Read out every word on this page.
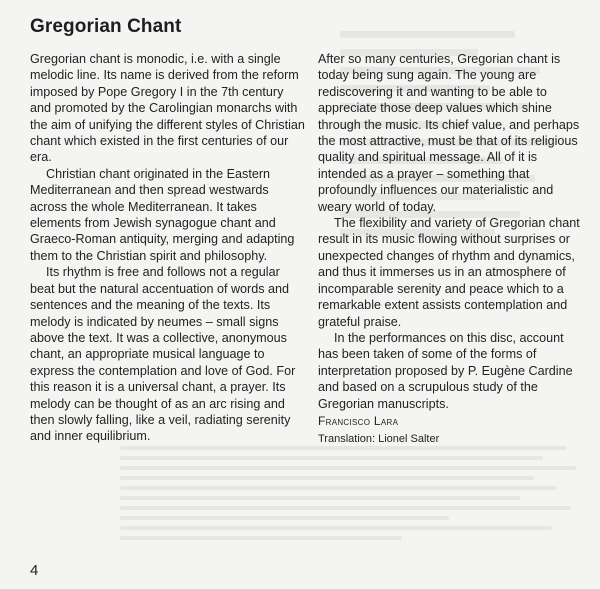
Gregorian Chant

Gregorian chant is monodic, i.e. with a single melodic line. Its name is derived from the reform imposed by Pope Gregory I in the 7th century and promoted by the Carolingian monarchs with the aim of unifying the different styles of Christian chant which existed in the first centuries of our era.

Christian chant originated in the Eastern Mediterranean and then spread westwards across the whole Mediterranean. It takes elements from Jewish synagogue chant and Graeco-Roman antiquity, merging and adapting them to the Christian spirit and philosophy.

Its rhythm is free and follows not a regular beat but the natural accentuation of words and sentences and the meaning of the texts. Its melody is indicated by neumes – small signs above the text. It was a collective, anonymous chant, an appropriate musical language to express the contemplation and love of God. For this reason it is a universal chant, a prayer. Its melody can be thought of as an arc rising and then slowly falling, like a veil, radiating serenity and inner equilibrium.

After so many centuries, Gregorian chant is today being sung again. The young are rediscovering it and wanting to be able to appreciate those deep values which shine through the music. Its chief value, and perhaps the most attractive, must be that of its religious quality and spiritual message. All of it is intended as a prayer – something that profoundly influences our materialistic and weary world of today.

The flexibility and variety of Gregorian chant result in its music flowing without surprises or unexpected changes of rhythm and dynamics, and thus it immerses us in an atmosphere of incomparable serenity and peace which to a remarkable extent assists contemplation and grateful praise.

In the performances on this disc, account has been taken of some of the forms of interpretation proposed by P. Eugène Cardine and based on a scrupulous study of the Gregorian manuscripts.

Francisco Lara
Translation: Lionel Salter
4
